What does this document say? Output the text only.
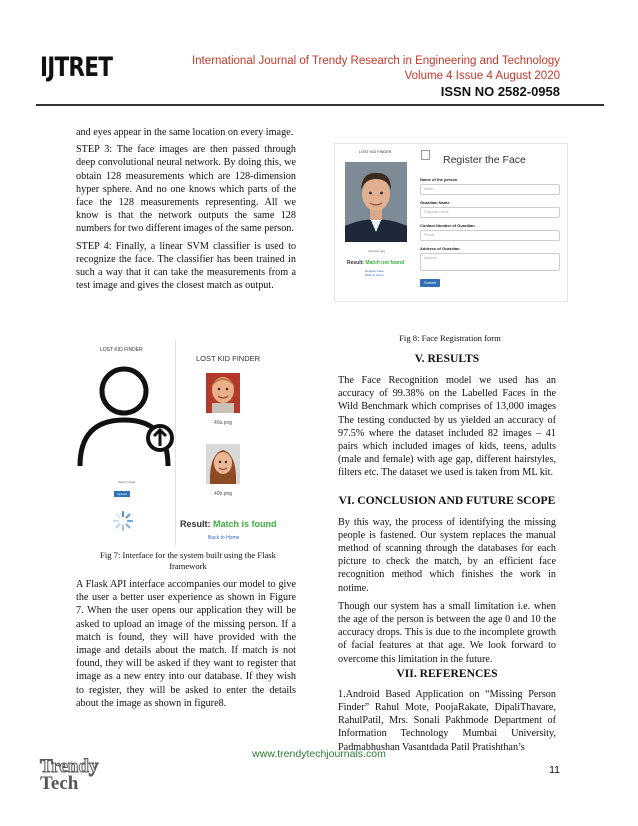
IJTRET	International Journal of Trendy Research in Engineering and Technology
Volume 4 Issue 4 August 2020
ISSN NO 2582-0958

and eyes appear in the same location on every image.

STEP 3: The face images are then passed through deep convolutional neural network. By doing this, we obtain 128 measurements which are 128-dimension hyper sphere. And no one knows which parts of the face the 128 measurements representing. All we know is that the network outputs the same 128 numbers for two different images of the same person.

STEP 4: Finally, a linear SVM classifier is used to recognize the face. The classifier has been trained in such a way that it can take the measurements from a test image and gives the closest match as output.

LOST KID FINDER
Select image
Upload
LOST KID FINDER
40a.png
40b.png
Result: Match is found
Back to Home
Fig 7: Interface for the system built using the Flask framework

A Flask API interface accompanies our model to give the user a better user experience as shown in Figure 7. When the user opens our application they will be asked to upload an image of the missing person. If a match is found, they will have provided with the image and details about the match. If match is not found, they will be asked if they want to register that image as a new entry into our database. If they wish to register, they will be asked to enter the details about the image as shown in figure8.

LOST KID FINDER
unknown.jpg
Result: Match not found
Register Face
Back to Home
Register the Face
Name of the person
Name
Guardian Name
Guardian Name
Contact Number of Guardian
Phone
Address of Guardian
Address
Submit
Fig 8: Face Registration form
V. RESULTS

The Face Recognition model we used has an accuracy of 99.38% on the Labelled Faces in the Wild Benchmark which comprises of 13,000 images The testing conducted by us yielded an accuracy of 97.5% where the dataset included 82 images – 41 pairs which included images of kids, teens, adults (male and female) with age gap, different hairstyles, filters etc. The dataset we used is taken from ML kit.

VI. CONCLUSION AND FUTURE SCOPE

By this way, the process of identifying the missing people is fastened. Our system replaces the manual method of scanning through the databases for each picture to check the match, by an efficient face recognition method which finishes the work in notime.

Though our system has a small limitation i.e. when the age of the person is between the age 0 and 10 the accuracy drops. This is due to the incomplete growth of facial features at that age. We look forward to overcome this limitation in the future.

VII. REFERENCES

1.Android Based Application on “Missing Person Finder” Rahul Mote, PoojaRakate, DipaliThavare, RahulPatil, Mrs. Sonali Pakhmode Department of Information Technology Mumbai University, Padmabhushan Vasantdada Patil Pratishthan’s

www.trendytechjournals.com
Trendy
Tech
11
